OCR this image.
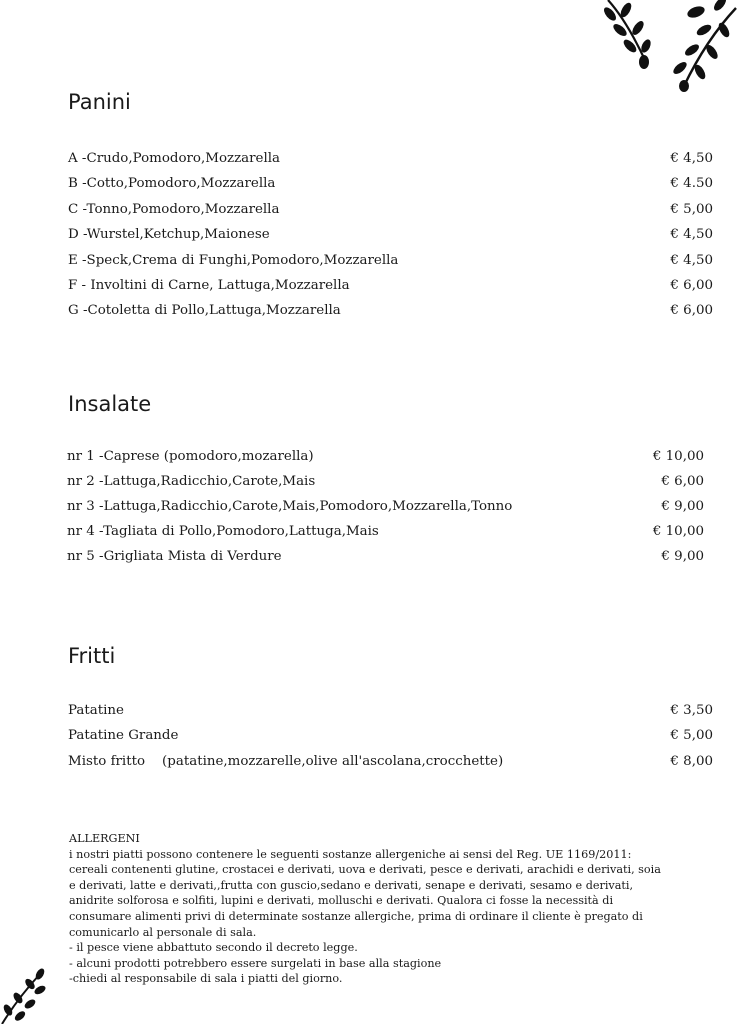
Panini
A -Crudo,Pomodoro,Mozzarella	€ 4,50
B -Cotto,Pomodoro,Mozzarella	€ 4.50
C -Tonno,Pomodoro,Mozzarella	€ 5,00
D -Wurstel,Ketchup,Maionese	€ 4,50
E -Speck,Crema di Funghi,Pomodoro,Mozzarella	€ 4,50
F - Involtini di Carne, Lattuga,Mozzarella	€ 6,00
G -Cotoletta di Pollo,Lattuga,Mozzarella	€ 6,00
Insalate
nr 1 -Caprese (pomodoro,mozarella)	€ 10,00
nr 2 -Lattuga,Radicchio,Carote,Mais	€ 6,00
nr 3 -Lattuga,Radicchio,Carote,Mais,Pomodoro,Mozzarella,Tonno	€ 9,00
nr 4 -Tagliata di Pollo,Pomodoro,Lattuga,Mais	€ 10,00
nr 5 -Grigliata Mista di Verdure	€ 9,00
Fritti
Patatine	€ 3,50
Patatine Grande	€ 5,00
Misto fritto    (patatine,mozzarelle,olive all'ascolana,crocchette)	€ 8,00
ALLERGENI
i nostri piatti possono contenere le seguenti sostanze allergeniche ai sensi del Reg. UE 1169/2011:
cereali contenenti glutine, crostacei e derivati, uova e derivati, pesce e derivati, arachidi e derivati, soia
e derivati, latte e derivati,,frutta con guscio,sedano e derivati, senape e derivati, sesamo e derivati,
anidrite solforosa e solfiti, lupini e derivati, molluschi e derivati. Qualora ci fosse la necessità di
consumare alimenti privi di determinate sostanze allergiche, prima di ordinare il cliente è pregato di
comunicarlo al personale di sala.
- il pesce viene abbattuto secondo il decreto legge.
- alcuni prodotti potrebbero essere surgelati in base alla stagione
-chiedi al responsabile di sala i piatti del giorno.
